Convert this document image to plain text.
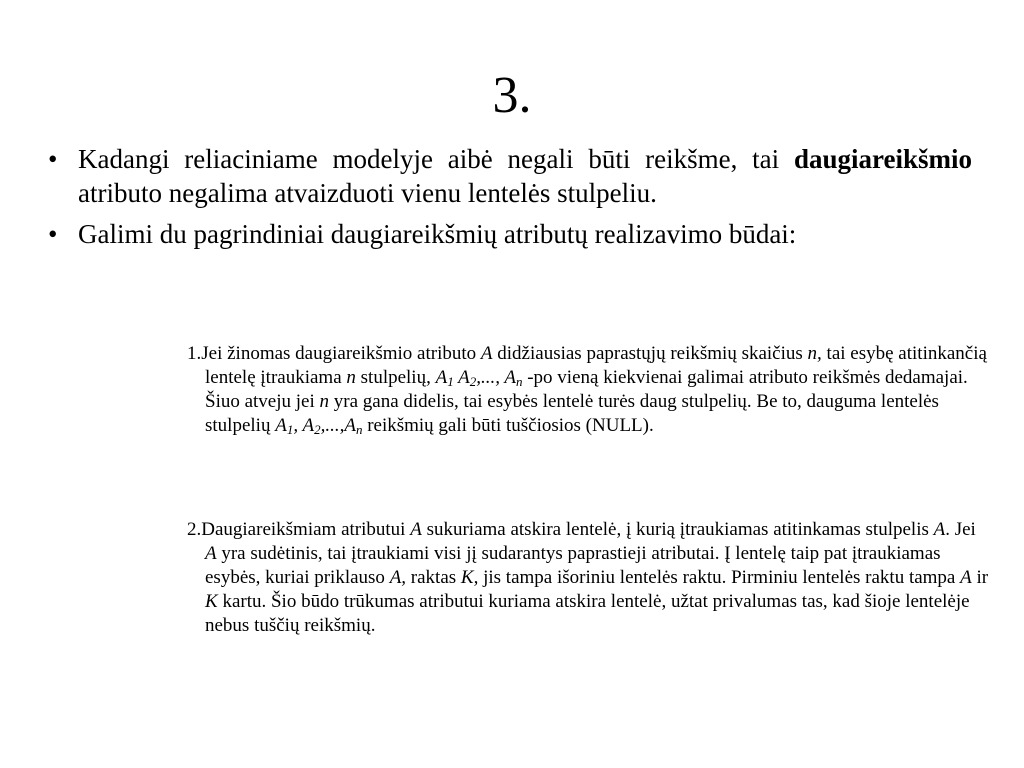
3.
• Kadangi reliaciniame modelyje aibė negali būti reikšme, tai daugiareikšmio atributo negalima atvaizduoti vienu lentelės stulpeliu.
• Galimi du pagrindiniai daugiareikšmių atributų realizavimo būdai:
1.Jei žinomas daugiareikšmio atributo A didžiausias paprastųjų reikšmių skaičius n, tai esybę atitinkančią lentelę įtraukiama n stulpelių, $A_1$ $A_2$,..., $A_n$ -po vieną kiekvienai galimai atributo reikšmės dedamajai. Šiuo atveju jei n yra gana didelis, tai esybės lentelė turės daug stulpelių. Be to, dauguma lentelės stulpelių $A_1$, $A_2,...,A_n$ reikšmių gali būti tuščiosios (NULL).
2.Daugiareikšmiam atributui A sukuriama atskira lentelė, į kurią įtraukiamas atitinkamas stulpelis A. Jei A yra sudėtinis, tai įtraukiami visi jį sudarantys paprastieji atributai. Į lentelę taip pat įtraukiamas esybės, kuriai priklauso A, raktas K, jis tampa išoriniu lentelės raktu. Pirminiu lentelės raktu tampa A ir K kartu. Šio būdo trūkumas atributui kuriama atskira lentelė, užtat privalumas tas, kad šioje lentelėje nebus tuščių reikšmių.
